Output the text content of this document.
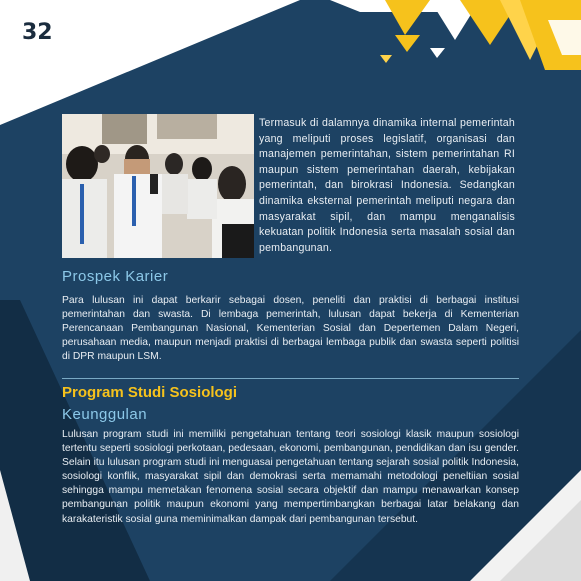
32
Termasuk di dalamnya dinamika internal pemerintah yang meliputi proses legislatif, organisasi dan manajemen pemerintahan, sistem pemerintahan RI maupun sistem pemerintahan daerah, kebijakan pemerintah, dan birokrasi Indonesia. Sedangkan dinamika eksternal pemerintah meliputi negara dan masyarakat sipil, dan mampu menganalisis kekuatan politik Indonesia serta masalah sosial dan pembangunan.
Prospek Karier
Para lulusan ini dapat berkarir sebagai dosen, peneliti dan praktisi di berbagai institusi pemerintahan dan swasta. Di lembaga pemerintah, lulusan dapat bekerja di Kementerian Perencanaan Pembangunan Nasional, Kementerian Sosial dan Depertemen Dalam Negeri, perusahaan media, maupun menjadi praktisi di berbagai lembaga publik dan swasta seperti politisi di DPR maupun LSM.
Program Studi Sosiologi
Keunggulan
Lulusan program studi ini memiliki pengetahuan tentang teori sosiologi klasik maupun sosiologi tertentu seperti sosiologi perkotaan, pedesaan, ekonomi, pembangunan, pendidikan dan isu gender. Selain itu lulusan program studi ini menguasai pengetahuan tentang sejarah sosial politik Indonesia, sosiologi konflik, masyarakat sipil dan demokrasi serta memamahi metodologi peneltiian sosial sehingga mampu memetakan fenomena sosial secara objektif dan mampu menawarkan konsep pembangunan politik maupun ekonomi yang mempertimbangkan berbagai latar belakang dan karakateristik sosial guna meminimalkan dampak dari pembangunan tersebut.
